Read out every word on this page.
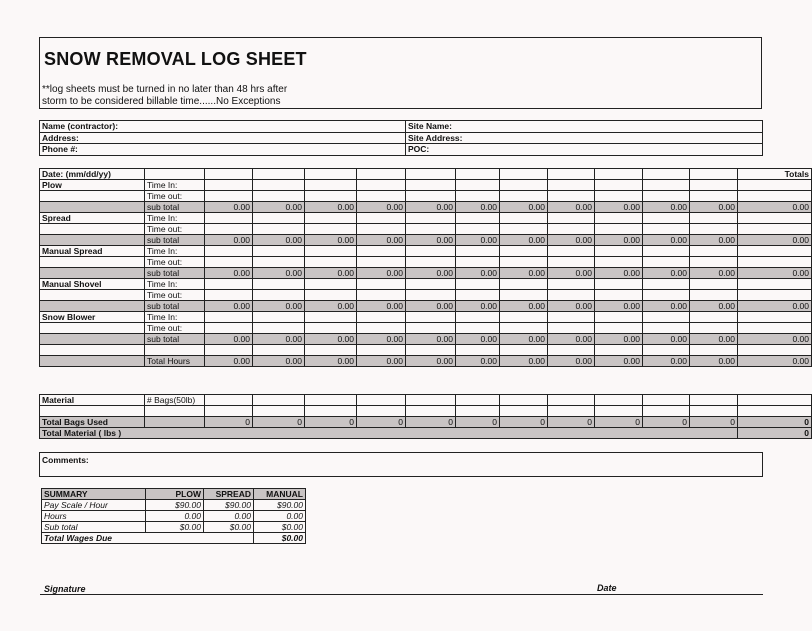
SNOW REMOVAL LOG SHEET
**log sheets must be turned in no later than 48 hrs after
storm to be considered billable time......No Exceptions
Name (contractor):	Site Name:
Address:	Site Address:
Phone #:	POC:
Date: (mm/dd/yy)													Totals
Plow	Time In:												
	Time out:												
	sub total	0.00	0.00	0.00	0.00	0.00	0.00	0.00	0.00	0.00	0.00	0.00	0.00
Spread	Time In:												
	Time out:												
	sub total	0.00	0.00	0.00	0.00	0.00	0.00	0.00	0.00	0.00	0.00	0.00	0.00
Manual Spread	Time In:												
	Time out:												
	sub total	0.00	0.00	0.00	0.00	0.00	0.00	0.00	0.00	0.00	0.00	0.00	0.00
Manual Shovel	Time In:												
	Time out:												
	sub total	0.00	0.00	0.00	0.00	0.00	0.00	0.00	0.00	0.00	0.00	0.00	0.00
Snow Blower	Time In:												
	Time out:												
	sub total	0.00	0.00	0.00	0.00	0.00	0.00	0.00	0.00	0.00	0.00	0.00	0.00

	Total Hours	0.00	0.00	0.00	0.00	0.00	0.00	0.00	0.00	0.00	0.00	0.00	0.00
Material	# Bags(50lb)												

Total Bags Used		0	0	0	0	0	0	0	0	0	0	0	0
Total Material ( lbs )													0
Comments:
SUMMARY	PLOW	SPREAD	MANUAL
Pay Scale / Hour	$90.00	$90.00	$90.00
Hours	0.00	0.00	0.00
Sub total	$0.00	$0.00	$0.00
Total Wages Due			$0.00
Signature	Date
